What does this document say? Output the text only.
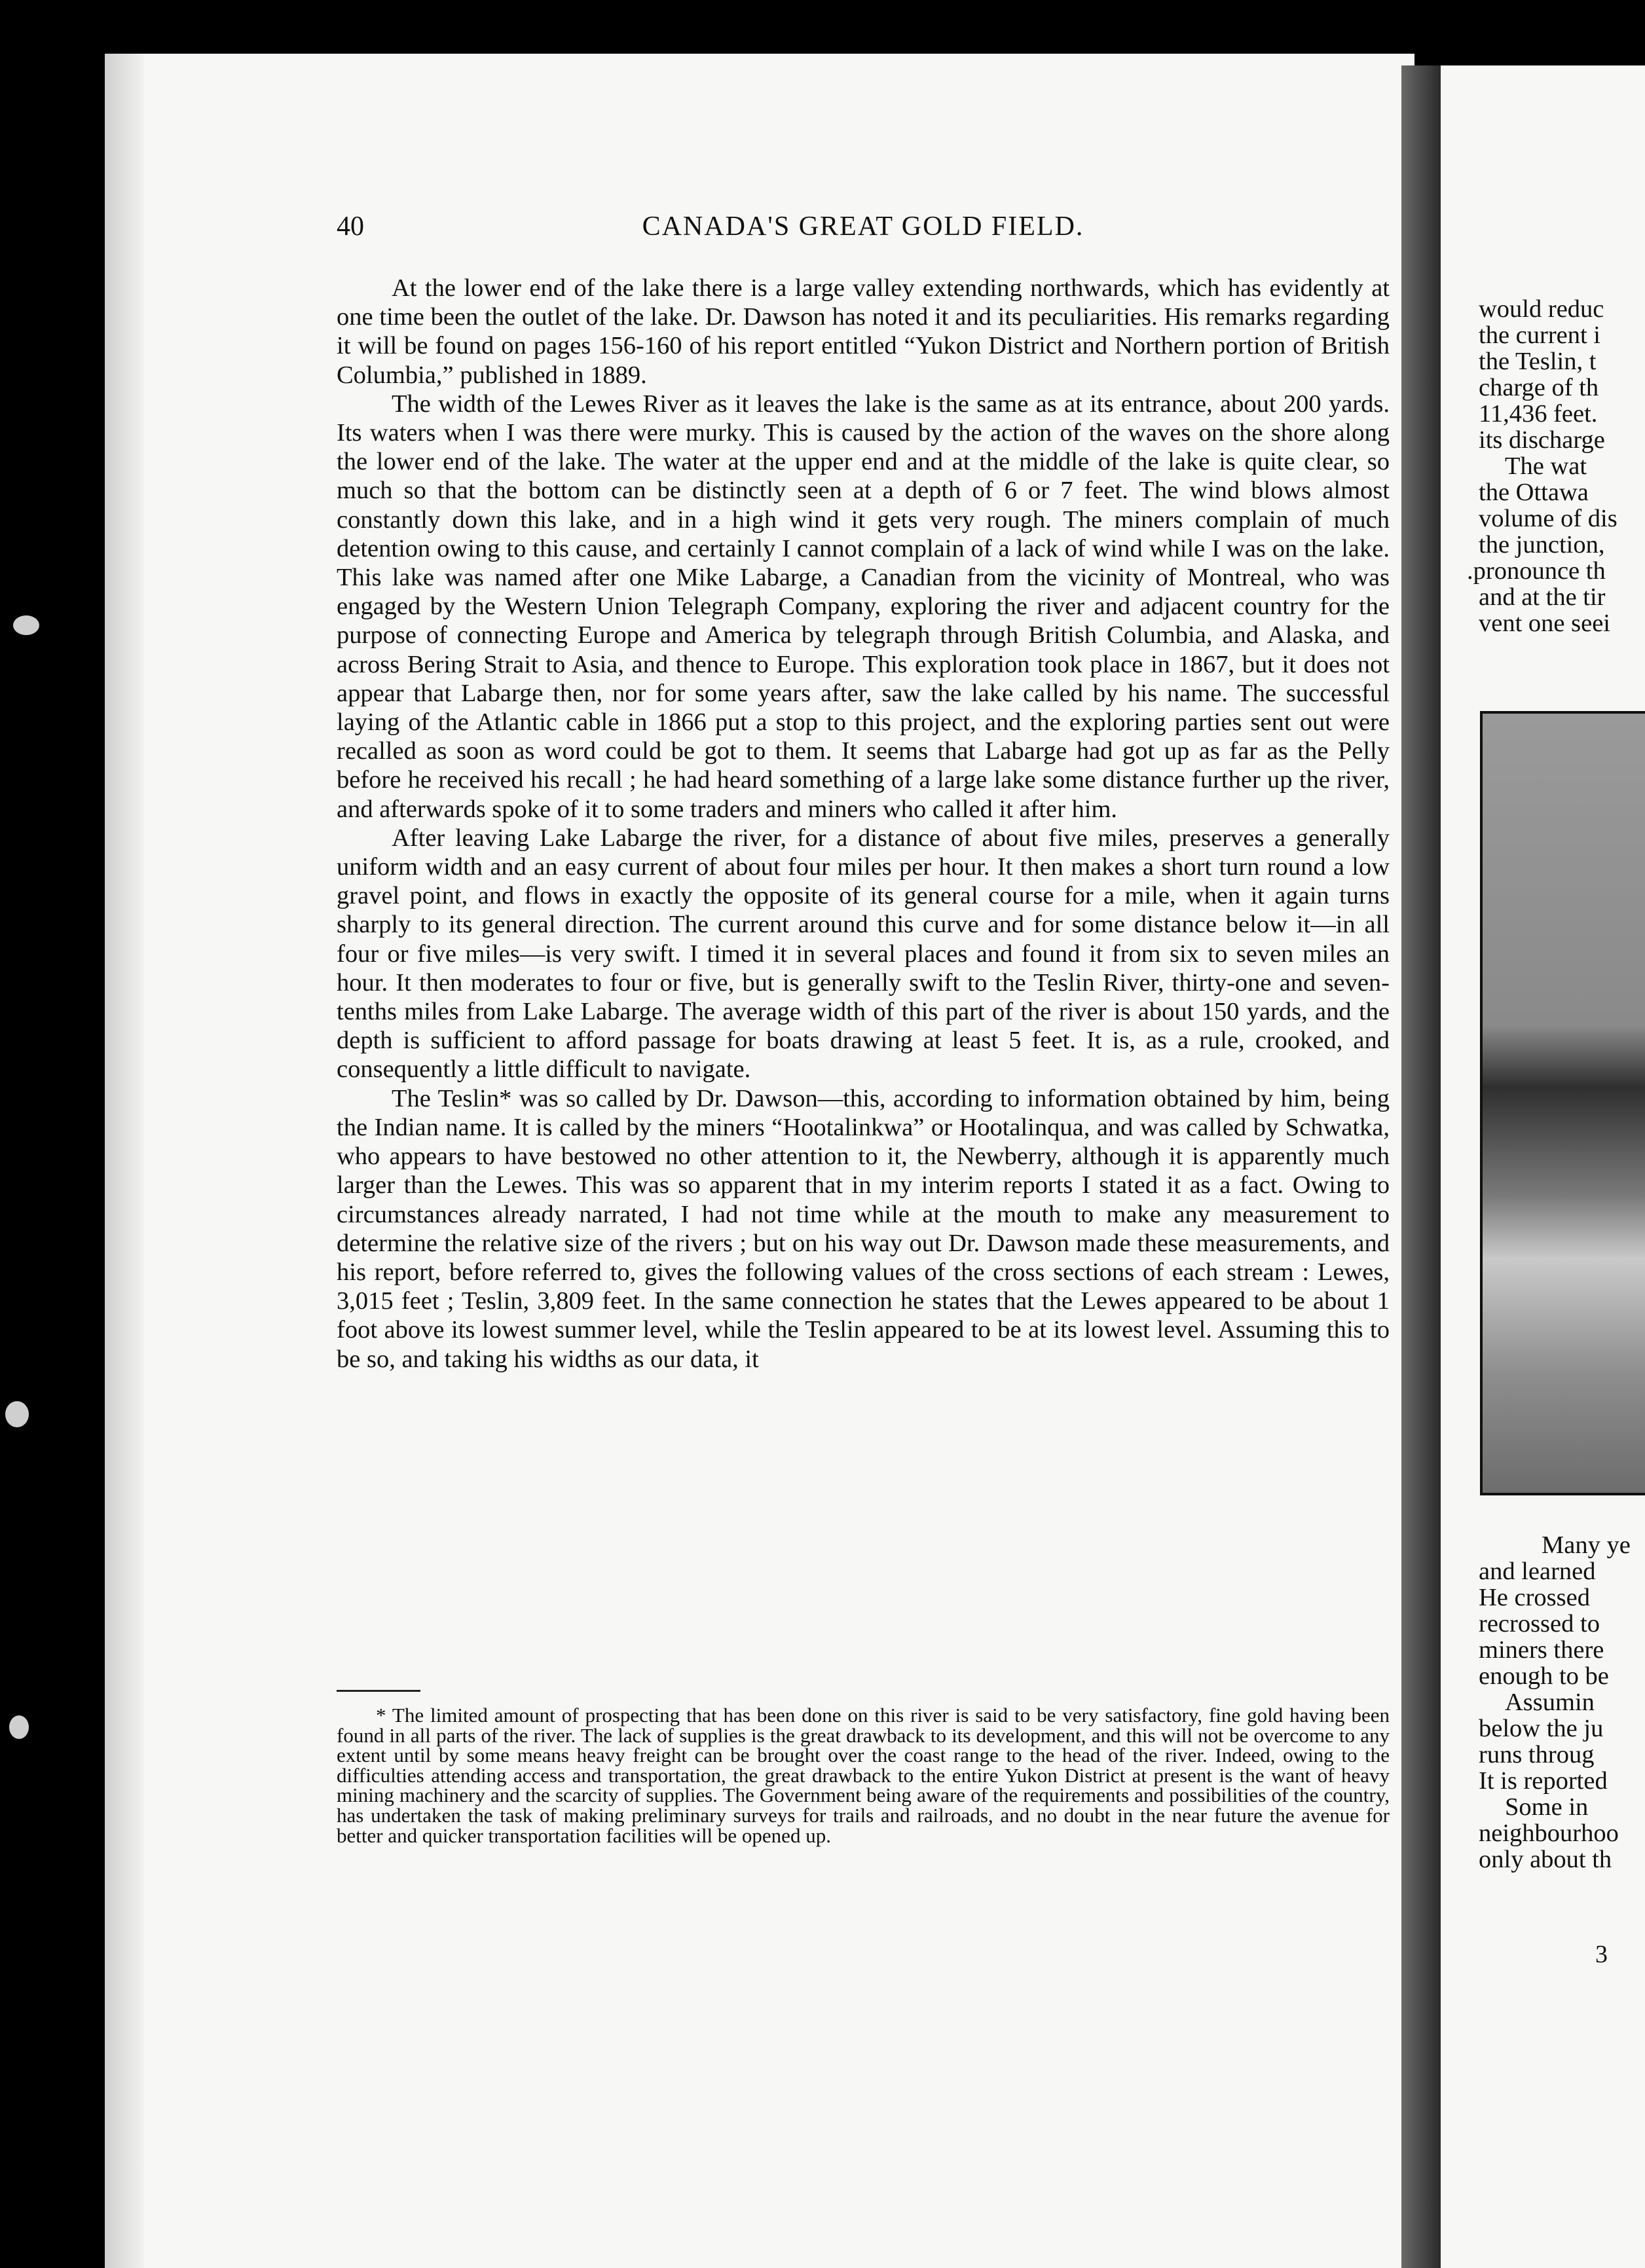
40	CANADA'S GREAT GOLD FIELD.

At the lower end of the lake there is a large valley extending northwards, which has evidently at one time been the outlet of the lake. Dr. Dawson has noted it and its peculiarities. His remarks regarding it will be found on pages 156-160 of his report entitled “Yukon District and Northern portion of British Columbia,” published in 1889.

The width of the Lewes River as it leaves the lake is the same as at its entrance, about 200 yards. Its waters when I was there were murky. This is caused by the action of the waves on the shore along the lower end of the lake. The water at the upper end and at the middle of the lake is quite clear, so much so that the bottom can be distinctly seen at a depth of 6 or 7 feet. The wind blows almost constantly down this lake, and in a high wind it gets very rough. The miners complain of much detention owing to this cause, and certainly I cannot complain of a lack of wind while I was on the lake. This lake was named after one Mike Labarge, a Canadian from the vicinity of Montreal, who was engaged by the Western Union Telegraph Company, exploring the river and adjacent country for the purpose of connecting Europe and America by telegraph through British Columbia, and Alaska, and across Bering Strait to Asia, and thence to Europe. This exploration took place in 1867, but it does not appear that Labarge then, nor for some years after, saw the lake called by his name. The successful laying of the Atlantic cable in 1866 put a stop to this project, and the exploring parties sent out were recalled as soon as word could be got to them. It seems that Labarge had got up as far as the Pelly before he received his recall ; he had heard something of a large lake some distance further up the river, and afterwards spoke of it to some traders and miners who called it after him.

After leaving Lake Labarge the river, for a distance of about five miles, preserves a generally uniform width and an easy current of about four miles per hour. It then makes a short turn round a low gravel point, and flows in exactly the opposite of its general course for a mile, when it again turns sharply to its general direction. The current around this curve and for some distance below it—in all four or five miles—is very swift. I timed it in several places and found it from six to seven miles an hour. It then moderates to four or five, but is generally swift to the Teslin River, thirty-one and seven-tenths miles from Lake Labarge. The average width of this part of the river is about 150 yards, and the depth is sufficient to afford passage for boats drawing at least 5 feet. It is, as a rule, crooked, and consequently a little difficult to navigate.

The Teslin* was so called by Dr. Dawson—this, according to information obtained by him, being the Indian name. It is called by the miners “Hootalinkwa” or Hootalinqua, and was called by Schwatka, who appears to have bestowed no other attention to it, the Newberry, although it is apparently much larger than the Lewes. This was so apparent that in my interim reports I stated it as a fact. Owing to circumstances already narrated, I had not time while at the mouth to make any measurement to determine the relative size of the rivers ; but on his way out Dr. Dawson made these measurements, and his report, before referred to, gives the following values of the cross sections of each stream : Lewes, 3,015 feet ; Teslin, 3,809 feet. In the same connection he states that the Lewes appeared to be about 1 foot above its lowest summer level, while the Teslin appeared to be at its lowest level. Assuming this to be so, and taking his widths as our data, it

* The limited amount of prospecting that has been done on this river is said to be very satisfactory, fine gold having been found in all parts of the river. The lack of supplies is the great drawback to its development, and this will not be overcome to any extent until by some means heavy freight can be brought over the coast range to the head of the river. Indeed, owing to the difficulties attending access and transportation, the great drawback to the entire Yukon District at present is the want of heavy mining machinery and the scarcity of supplies. The Government being aware of the requirements and possibilities of the country, has undertaken the task of making preliminary surveys for trails and railroads, and no doubt in the near future the avenue for better and quicker transportation facilities will be opened up.

would reduc
the current i
the Teslin, t
charge of th
11,436 feet.
its discharge
The wat
the Ottawa
volume of dis
the junction,
.pronounce th
and at the tir
vent one seei
Many ye
and learned
He crossed
recrossed to
miners there
enough to be
Assumin
below the ju
runs throug
It is reported
Some in
neighbourhoo
only about th
3
